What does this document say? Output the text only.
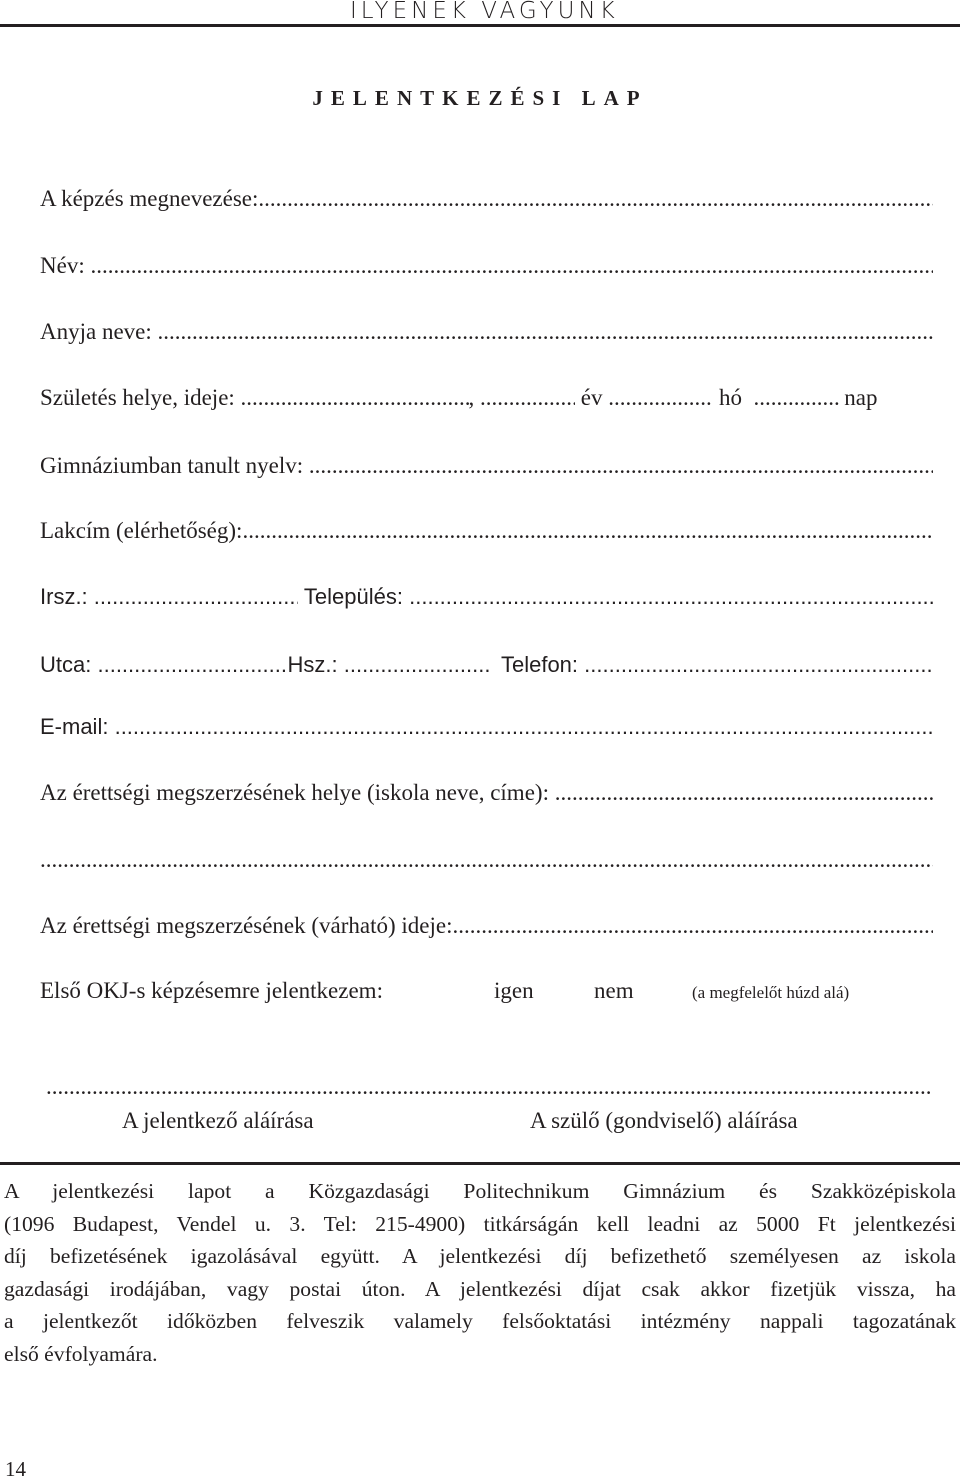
ILYENEK VAGYUNK
JELENTKEZÉSI LAP
A képzés megnevezése:
.....
Név:

.....
Anyja neve:

.....
Születés helye, ideje:
.....	,
.....
	év
.....
	hó
.....
	nap
Gimnáziumban tanult nyelv:

.....
Lakcím (elérhetőség):
.....
Irsz.:
.....
	Település:

.....
Utca:
.....	Hsz.:
.....
	Telefon:

.....
E-mail:

.....
Az érettségi megszerzésének helye (iskola neve, címe):

.....
.....
Az érettségi megszerzésének (várható) ideje:
.....
Első OKJ-s képzésemre jelentkezem:	igen	nem	(a megfelelőt húzd alá)
.....
A jelentkező aláírása	A szülő (gondviselő) aláírása
A jelentkezési lapot a Közgazdasági Politechnikum Gimnázium és Szakközépiskola
(1096 Budapest, Vendel u. 3. Tel: 215-4900) titkárságán kell leadni az 5000 Ft jelentkezési
díj befizetésének igazolásával együtt. A jelentkezési díj befizethető személyesen az iskola
gazdasági irodájában, vagy postai úton. A jelentkezési díjat csak akkor fizetjük vissza, ha
a jelentkezőt időközben felveszik valamely felsőoktatási intézmény nappali tagozatának
első évfolyamára.
14
